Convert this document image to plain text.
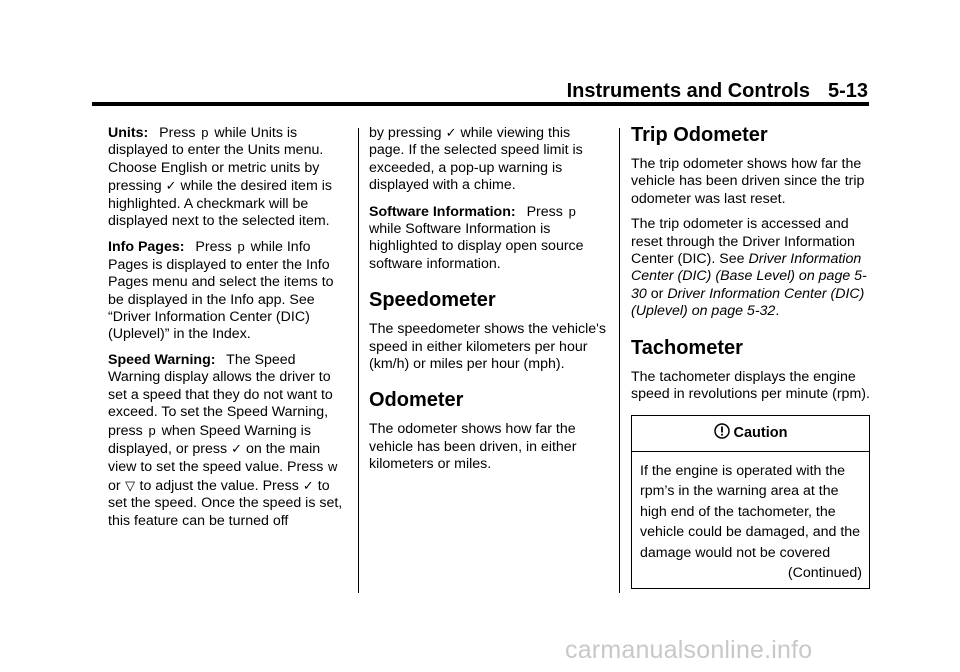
Instruments and Controls 5-13

Units: Press p while Units is displayed to enter the Units menu. Choose English or metric units by pressing ✓ while the desired item is highlighted. A checkmark will be displayed next to the selected item.

Info Pages: Press p while Info Pages is displayed to enter the Info Pages menu and select the items to be displayed in the Info app. See “Driver Information Center (DIC) (Uplevel)” in the Index.

Speed Warning: The Speed Warning display allows the driver to set a speed that they do not want to exceed. To set the Speed Warning, press p when Speed Warning is displayed, or press ✓ on the main view to set the speed value. Press w or ▽ to adjust the value. Press ✓ to set the speed. Once the speed is set, this feature can be turned off

by pressing ✓ while viewing this page. If the selected speed limit is exceeded, a pop-up warning is displayed with a chime.

Software Information: Press p while Software Information is highlighted to display open source software information.

Speedometer

The speedometer shows the vehicle's speed in either kilometers per hour (km/h) or miles per hour (mph).

Odometer

The odometer shows how far the vehicle has been driven, in either kilometers or miles.

Trip Odometer

The trip odometer shows how far the vehicle has been driven since the trip odometer was last reset.

The trip odometer is accessed and reset through the Driver Information Center (DIC). See Driver Information Center (DIC) (Base Level) on page 5-30 or Driver Information Center (DIC) (Uplevel) on page 5-32.

Tachometer

The tachometer displays the engine speed in revolutions per minute (rpm).

Caution
If the engine is operated with the rpm’s in the warning area at the high end of the tachometer, the vehicle could be damaged, and the damage would not be covered
(Continued)
carmanualsonline.info
